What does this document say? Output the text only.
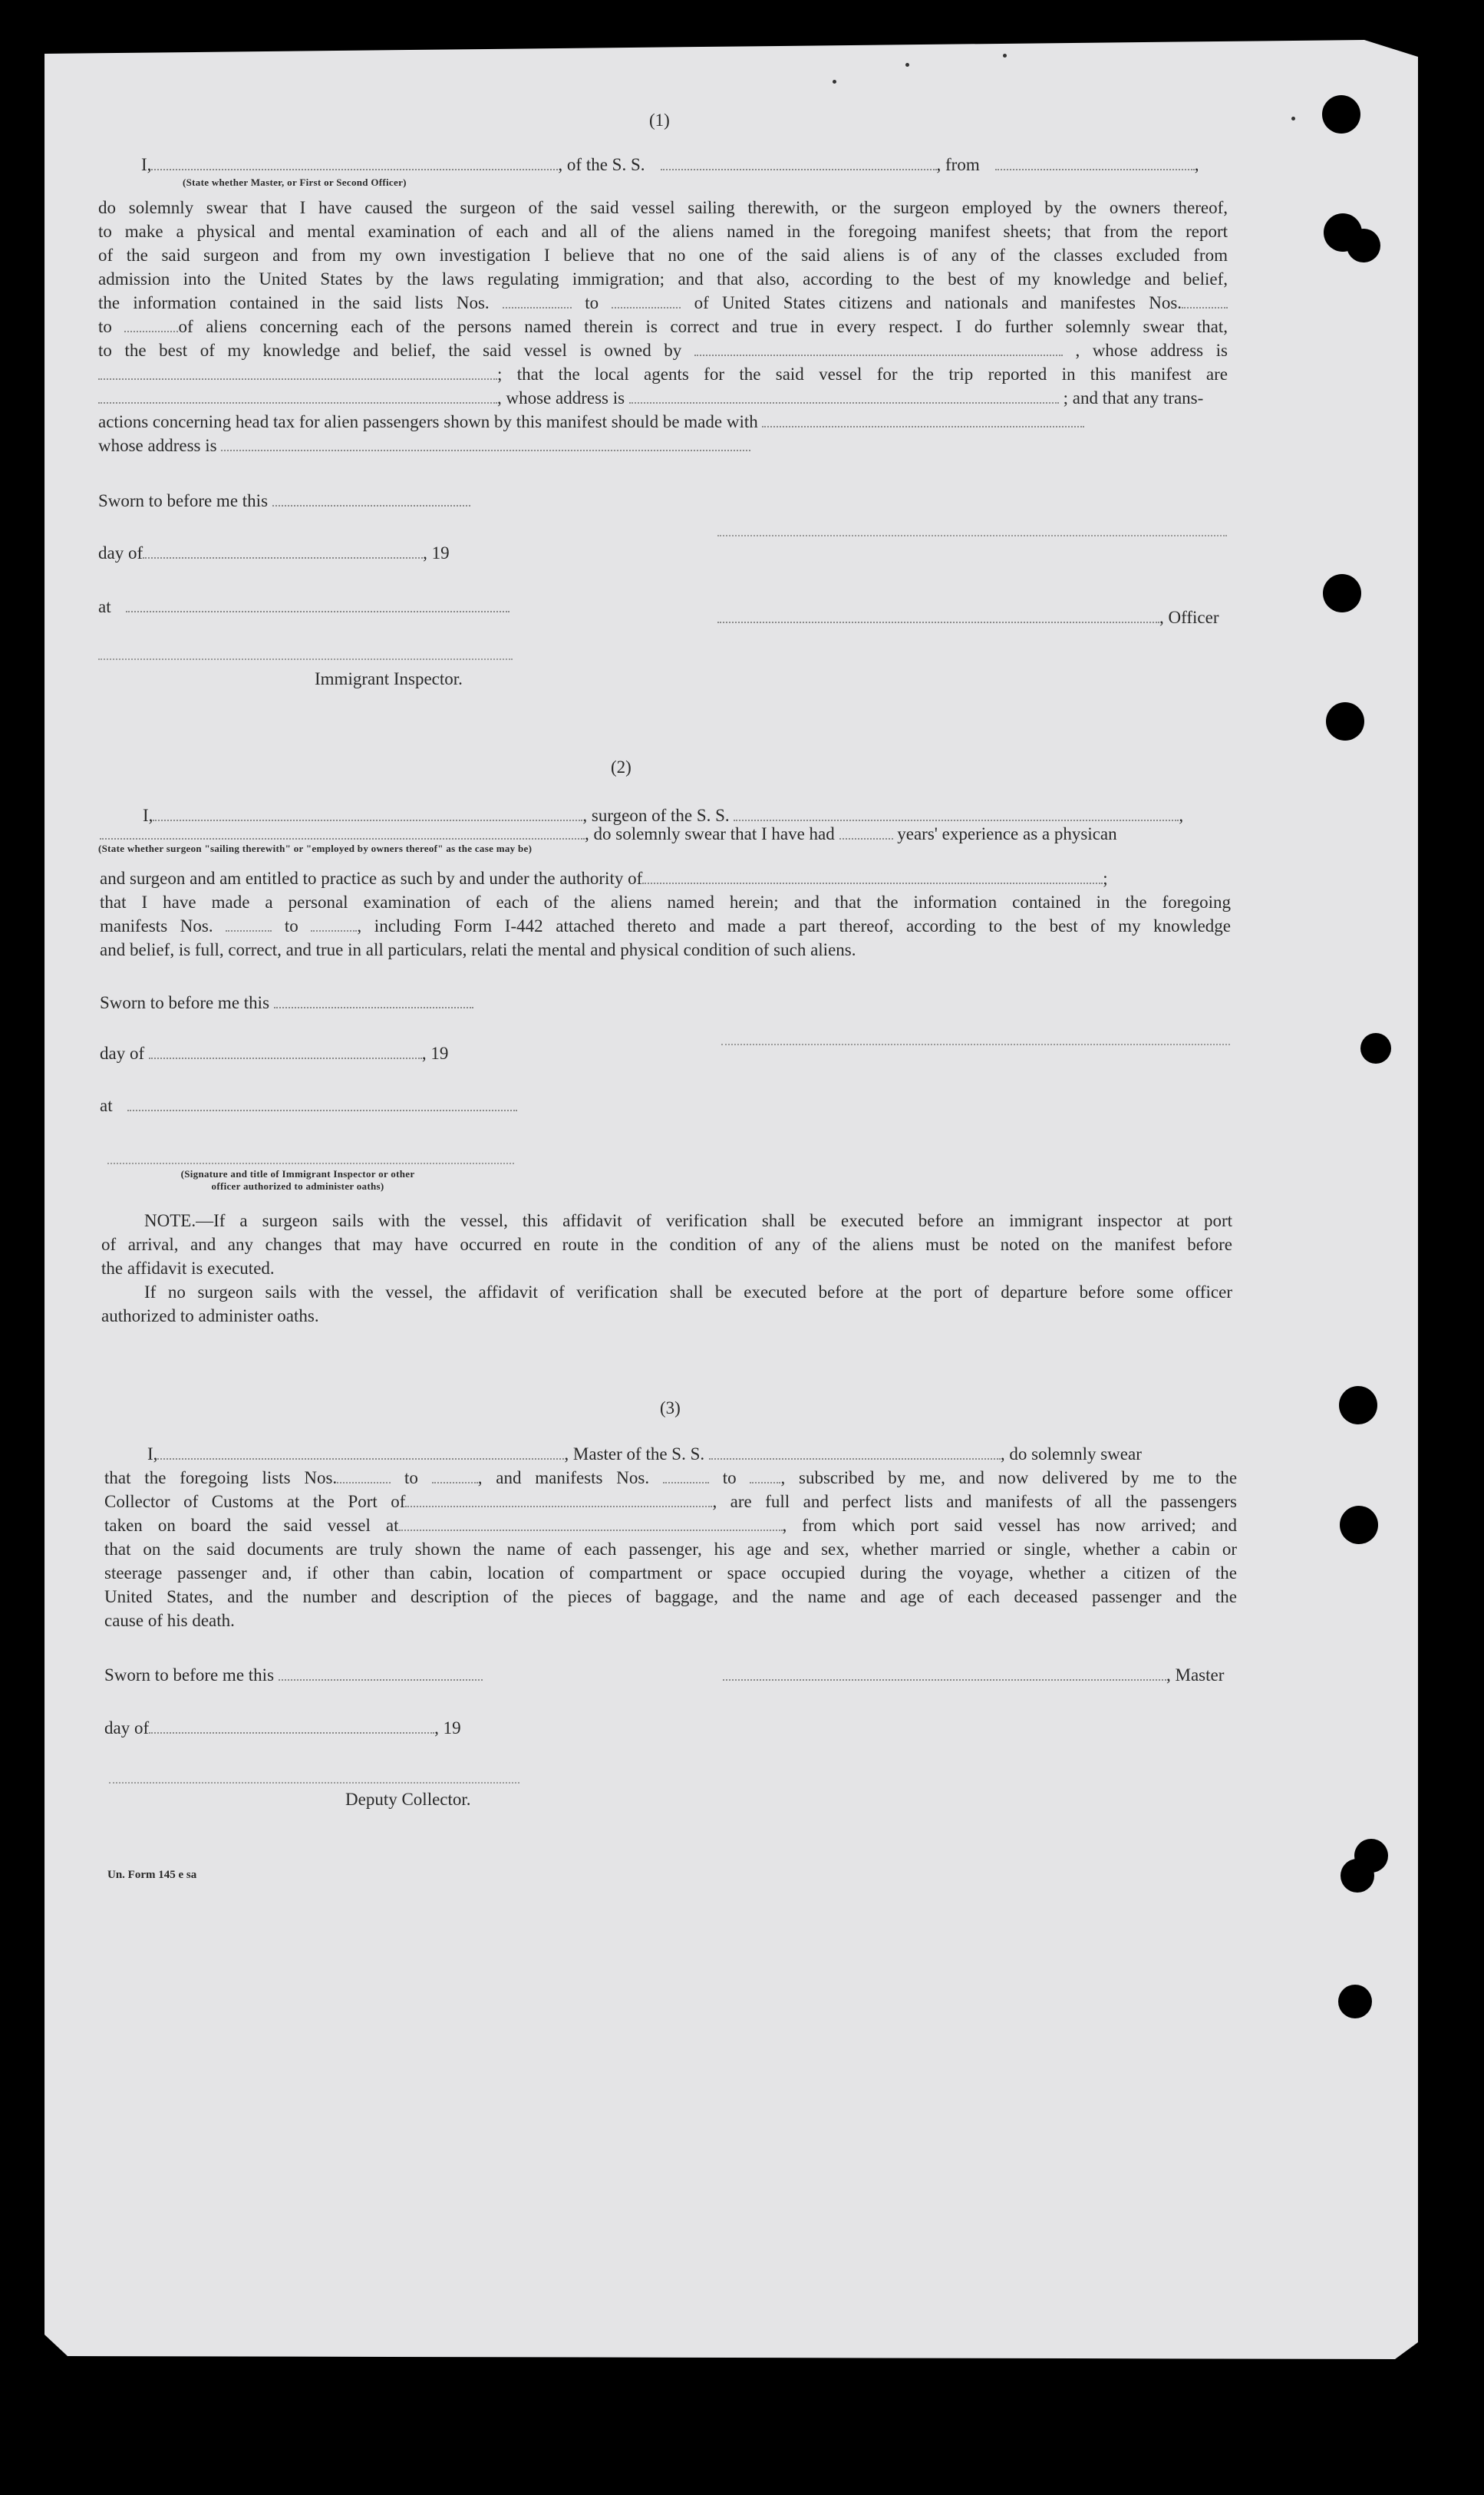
(1)
I,	, of the S. S.	, from	,
(State whether Master, or First or Second Officer)
do solemnly swear that I have caused the surgeon of the said vessel sailing therewith, or the surgeon employed by the owners thereof,
to make a physical and mental examination of each and all of the aliens named in the foregoing manifest sheets; that from the report
of the said surgeon and from my own investigation I believe that no one of the said aliens is of any of the classes excluded from
admission into the United States by the laws regulating immigration; and that also, according to the best of my knowledge and belief,
the information contained in the said lists Nos.	to	of United States citizens and nationals and manifestes Nos.
to	of aliens concerning each of the persons named therein is correct and true in every respect. I do further solemnly swear that,
to the best of my knowledge and belief, the said vessel is owned by	, whose address is
; that the local agents for the said vessel for the trip reported in this manifest are
, whose address is	; and that any trans-
actions concerning head tax for alien passengers shown by this manifest should be made with
whose address is
Sworn to before me this
day of	, 19
at
, Officer
Immigrant Inspector.
(2)
I,	, surgeon of the S. S.	,
, do solemnly swear that I have had	years' experience as a physican
(State whether surgeon "sailing therewith" or "employed by owners thereof" as the case may be)
and surgeon and am entitled to practice as such by and under the authority of	;
that I have made a personal examination of each of the aliens named herein; and that the information contained in the foregoing
manifests Nos.	to	, including Form I-442 attached thereto and made a part thereof, according to the best of my knowledge
and belief, is full, correct, and true in all particulars, relati the mental and physical condition of such aliens.
Sworn to before me this
day of	, 19
at
(Signature and title of Immigrant Inspector or other
officer authorized to administer oaths)
NOTE.—If a surgeon sails with the vessel, this affidavit of verification shall be executed before an immigrant inspector at port
of arrival, and any changes that may have occurred en route in the condition of any of the aliens must be noted on the manifest before
the affidavit is executed.
If no surgeon sails with the vessel, the affidavit of verification shall be executed before at the port of departure before some officer
authorized to administer oaths.
(3)
I,	, Master of the S. S.	, do solemnly swear
that the foregoing lists Nos.	to	, and manifests Nos.	to	, subscribed by me, and now delivered by me to the
Collector of Customs at the Port of	, are full and perfect lists and manifests of all the passengers
taken on board the said vessel at	, from which port said vessel has now arrived; and
that on the said documents are truly shown the name of each passenger, his age and sex, whether married or single, whether a cabin or
steerage passenger and, if other than cabin, location of compartment or space occupied during the voyage, whether a citizen of the
United States, and the number and description of the pieces of baggage, and the name and age of each deceased passenger and the
cause of his death.
Sworn to before me this	, Master
day of	, 19
Deputy Collector.
Un. Form 145 e sa
